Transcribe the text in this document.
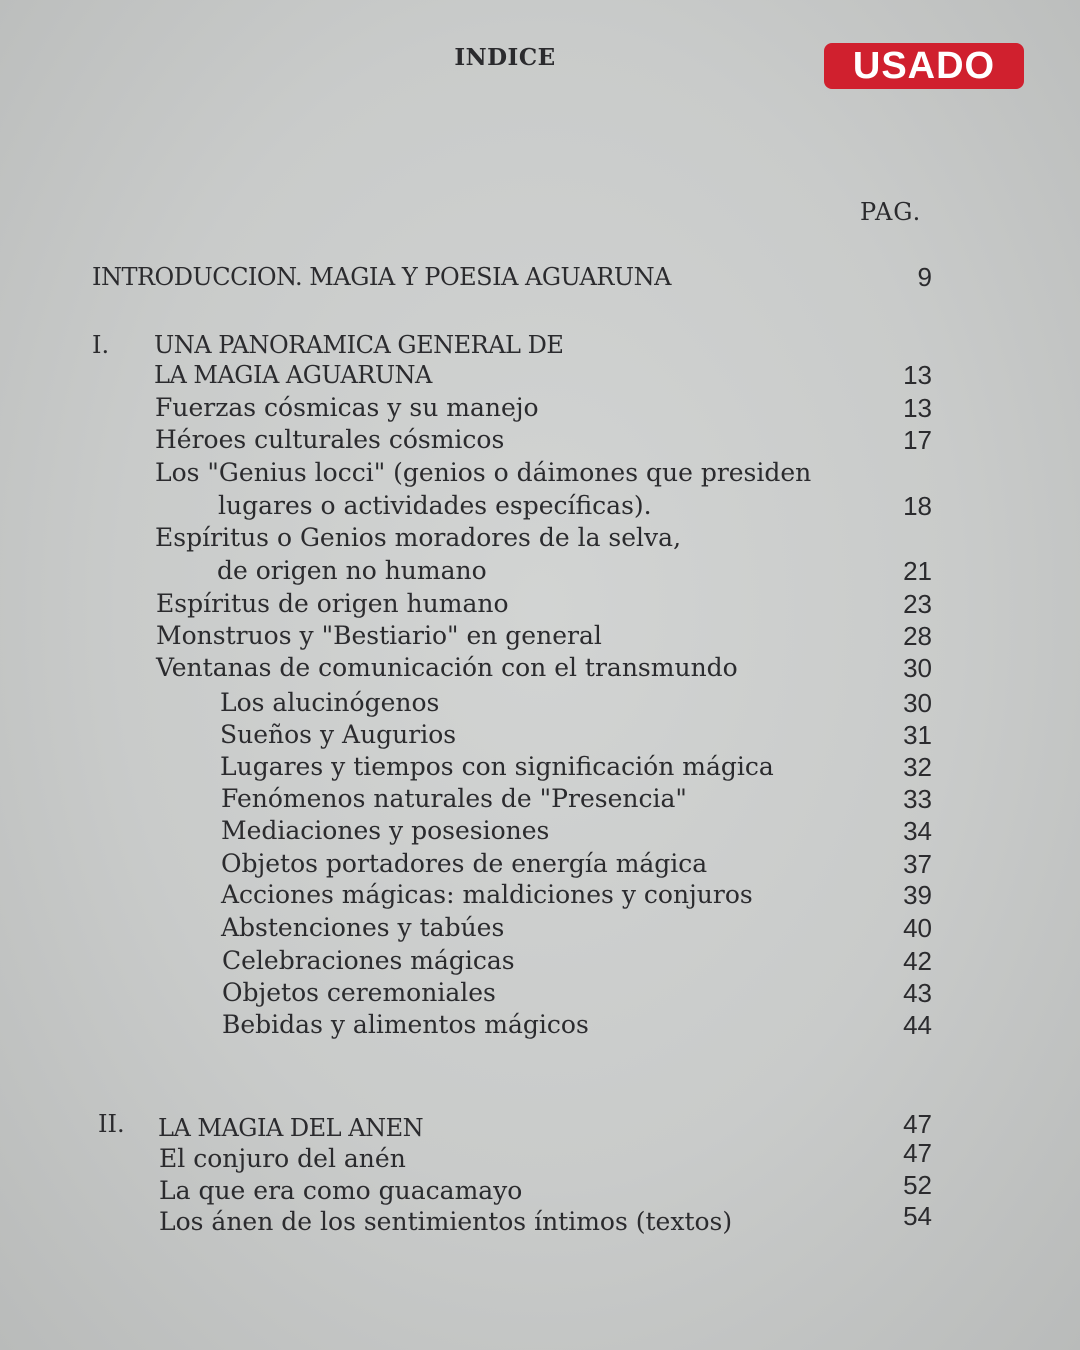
INDICE	USADO
PAG.
INTRODUCCION. MAGIA Y POESIA AGUARUNA	9
I. UNA PANORAMICA GENERAL DE
LA MAGIA AGUARUNA	13
Fuerzas cósmicas y su manejo	13
Héroes culturales cósmicos	17
Los "Genius locci" (genios o dáimones que presiden
lugares o actividades específicas).	18
Espíritus o Genios moradores de la selva,
de origen no humano	21
Espíritus de origen humano	23
Monstruos y "Bestiario" en general	28
Ventanas de comunicación con el transmundo	30
Los alucinógenos	30
Sueños y Augurios	31
Lugares y tiempos con significación mágica	32
Fenómenos naturales de "Presencia"	33
Mediaciones y posesiones	34
Objetos portadores de energía mágica	37
Acciones mágicas: maldiciones y conjuros	39
Abstenciones y tabúes	40
Celebraciones mágicas	42
Objetos ceremoniales	43
Bebidas y alimentos mágicos	44
II. LA MAGIA DEL ANEN	47
El conjuro del anén	47
La que era como guacamayo	52
Los ánen de los sentimientos íntimos (textos)	54
